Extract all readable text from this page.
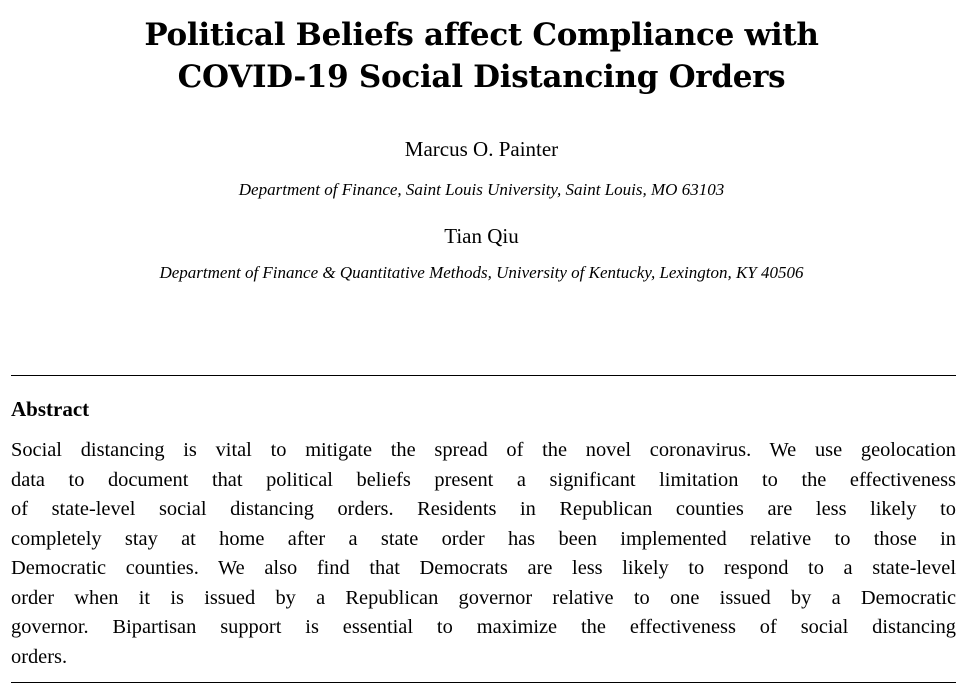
Political Beliefs affect Compliance with
COVID-19 Social Distancing Orders
Marcus O. Painter
Department of Finance, Saint Louis University, Saint Louis, MO 63103
Tian Qiu
Department of Finance & Quantitative Methods, University of Kentucky, Lexington, KY 40506
Abstract
Social distancing is vital to mitigate the spread of the novel coronavirus. We use geolocation
data to document that political beliefs present a significant limitation to the effectiveness
of state-level social distancing orders. Residents in Republican counties are less likely to
completely stay at home after a state order has been implemented relative to those in
Democratic counties. We also find that Democrats are less likely to respond to a state-level
order when it is issued by a Republican governor relative to one issued by a Democratic
governor. Bipartisan support is essential to maximize the effectiveness of social distancing
orders.
